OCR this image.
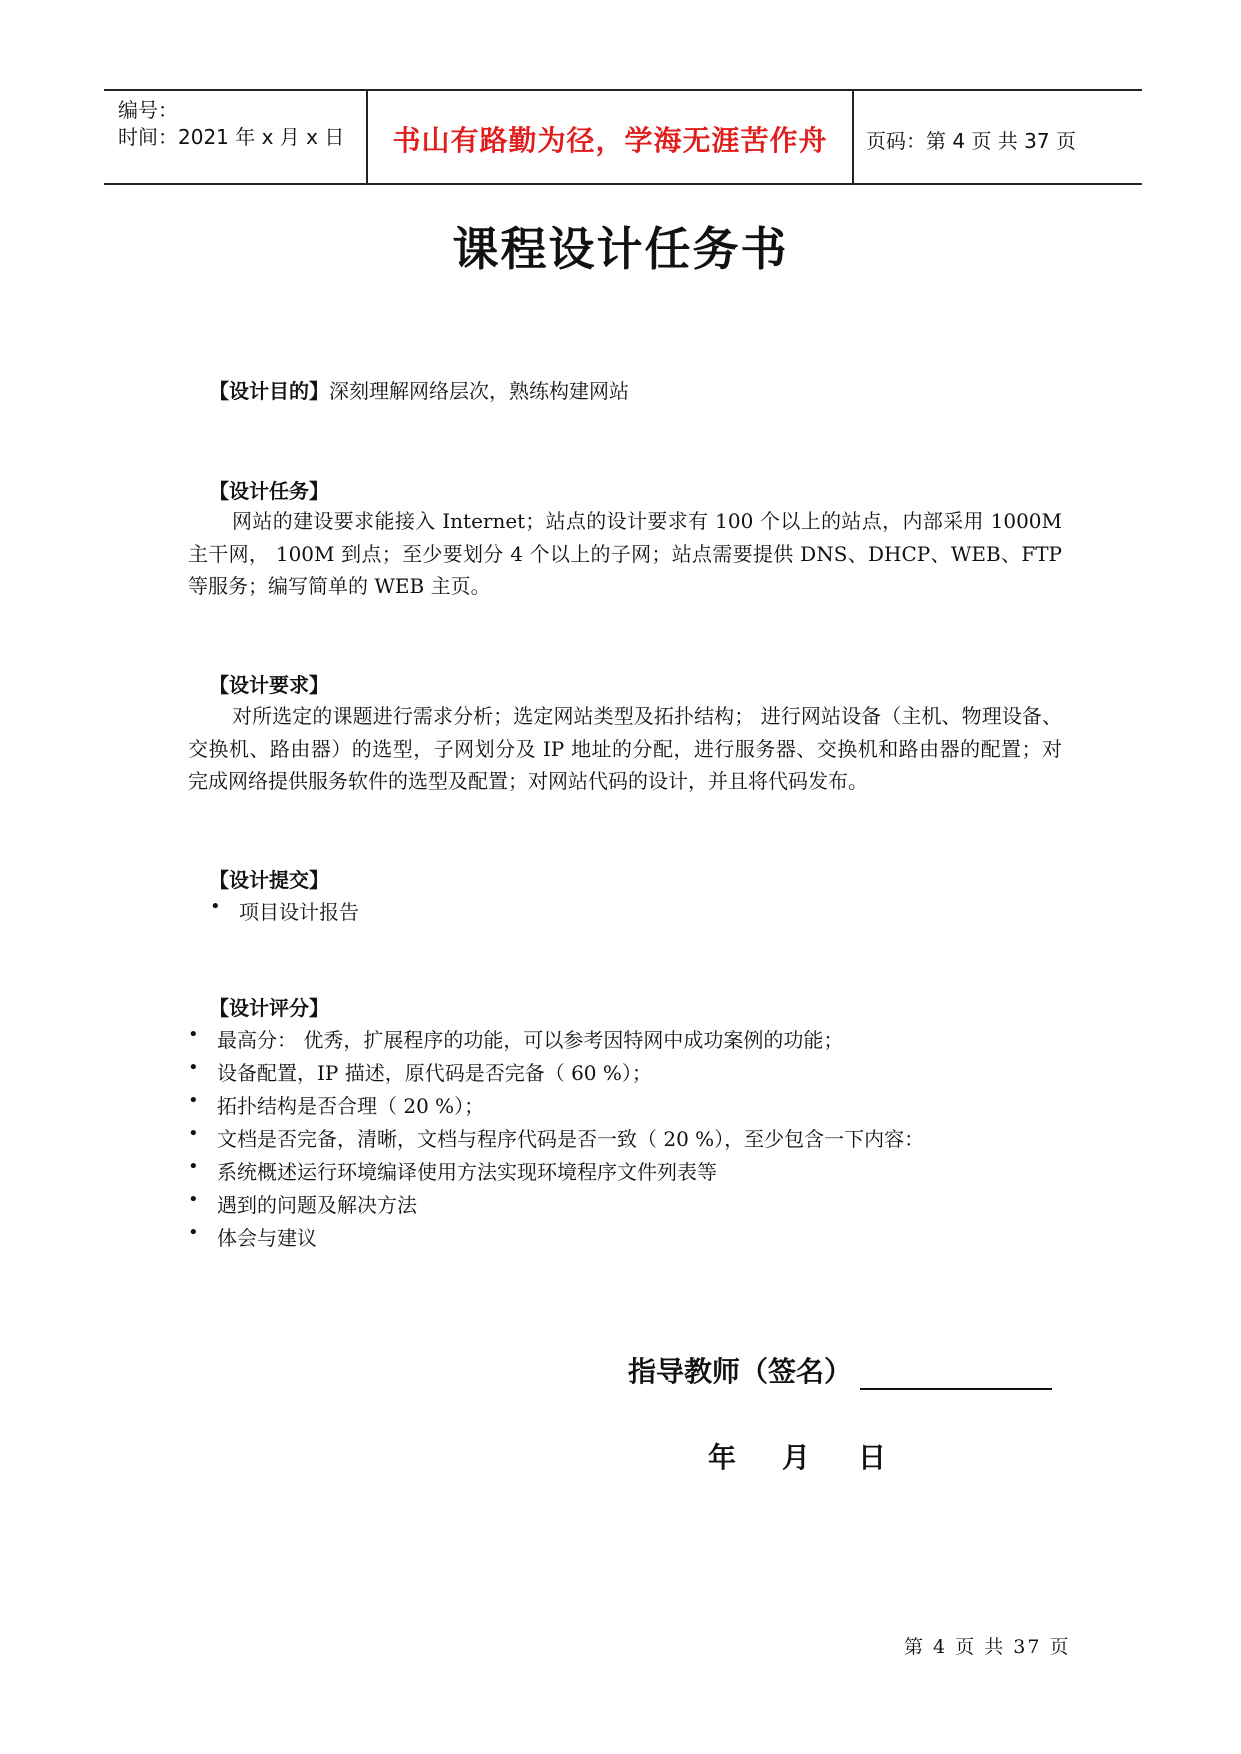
编号：
时间：2021 年 x 月 x 日	书山有路勤为径，学海无涯苦作舟	页码：第 4 页 共 37 页
课程设计任务书
【设计目的】深刻理解网络层次，熟练构建网站
【设计任务】
网站的建设要求能接入 Internet；站点的设计要求有 100 个以上的站点，内部采用 1000M 主干网， 100M 到点；至少要划分 4 个以上的子网；站点需要提供 DNS、DHCP、WEB、FTP 等服务；编写简单的 WEB 主页。
【设计要求】
对所选定的课题进行需求分析；选定网站类型及拓扑结构； 进行网站设备（主机、物理设备、交换机、路由器）的选型，子网划分及 IP 地址的分配，进行服务器、交换机和路由器的配置；对完成网络提供服务软件的选型及配置；对网站代码的设计，并且将代码发布。
【设计提交】
• 项目设计报告
【设计评分】
• 最高分： 优秀，扩展程序的功能，可以参考因特网中成功案例的功能；
• 设备配置，IP 描述，原代码是否完备（ 60 %）；
• 拓扑结构是否合理（ 20 %）；
• 文档是否完备，清晰，文档与程序代码是否一致（ 20 %），至少包含一下内容：
• 系统概述运行环境编译使用方法实现环境程序文件列表等
• 遇到的问题及解决方法
• 体会与建议
指导教师（签名）
年 月 日
第 4 页 共 37 页
